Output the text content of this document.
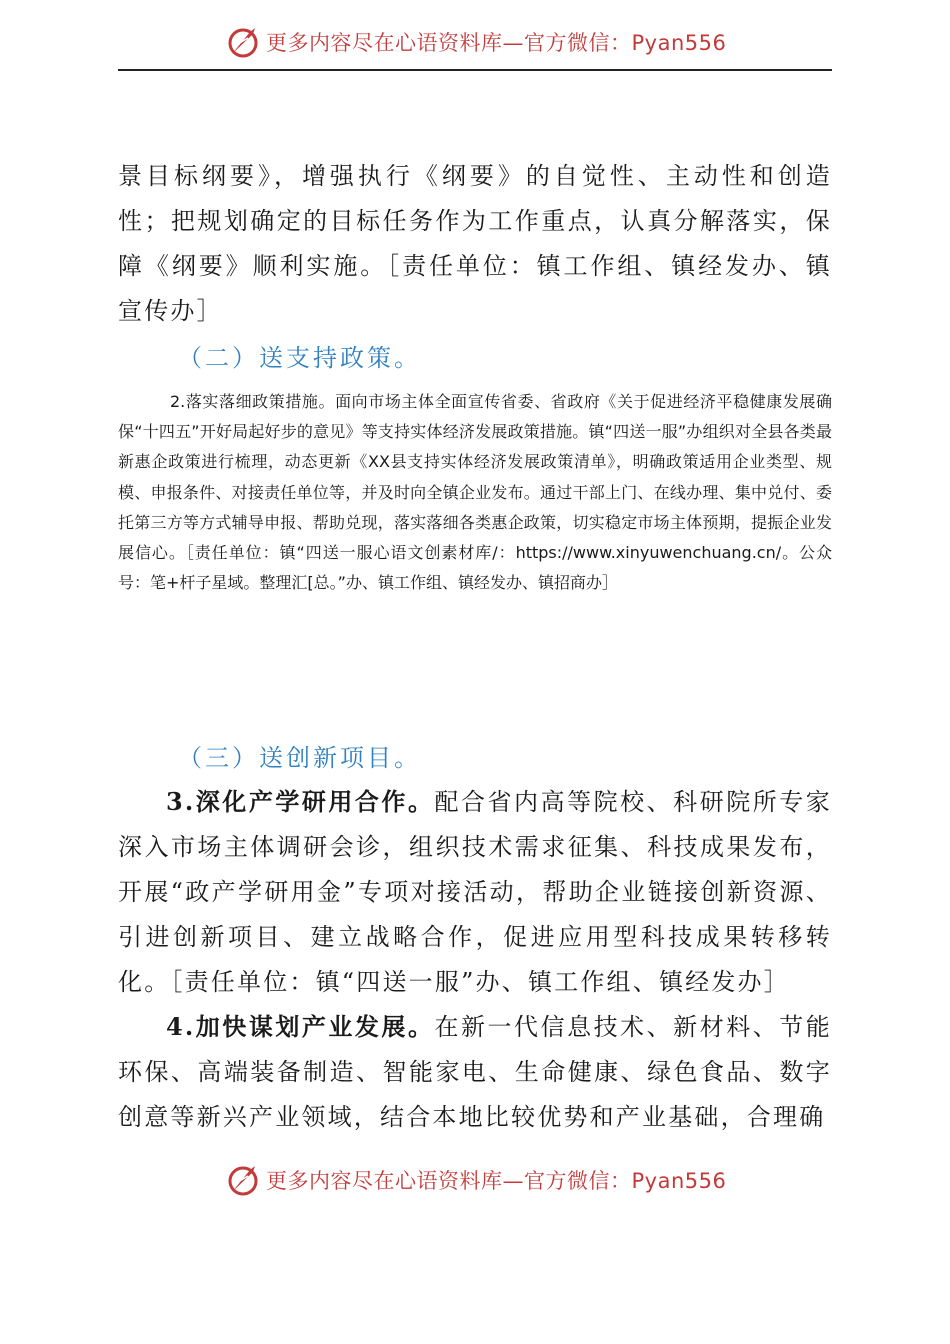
更多内容尽在心语资料库—官方微信：Pyan556

景目标纲要》，增强执行《纲要》的自觉性、主动性和创造性；把规划确定的目标任务作为工作重点，认真分解落实，保障《纲要》顺利实施。［责任单位：镇工作组、镇经发办、镇宣传办］

（二）送支持政策。

2.落实落细政策措施。面向市场主体全面宣传省委、省政府《关于促进经济平稳健康发展确保“十四五”开好局起好步的意见》等支持实体经济发展政策措施。镇“四送一服”办组织对全县各类最新惠企政策进行梳理，动态更新《XX县支持实体经济发展政策清单》，明确政策适用企业类型、规模、申报条件、对接责任单位等，并及时向全镇企业发布。通过干部上门、在线办理、集中兑付、委托第三方等方式辅导申报、帮助兑现，落实落细各类惠企政策，切实稳定市场主体预期，提振企业发展信心。［责任单位：镇“四送一服心语文创素材库/：https://www.xinyuwenchuang.cn/。公众号：笔+杆子星域。整理汇[总。”办、镇工作组、镇经发办、镇招商办］

（三）送创新项目。

3.深化产学研用合作。配合省内高等院校、科研院所专家深入市场主体调研会诊，组织技术需求征集、科技成果发布，开展“政产学研用金”专项对接活动，帮助企业链接创新资源、引进创新项目、建立战略合作，促进应用型科技成果转移转化。［责任单位：镇“四送一服”办、镇工作组、镇经发办］

4.加快谋划产业发展。在新一代信息技术、新材料、节能环保、高端装备制造、智能家电、生命健康、绿色食品、数字创意等新兴产业领域，结合本地比较优势和产业基础，合理确

更多内容尽在心语资料库—官方微信：Pyan556
